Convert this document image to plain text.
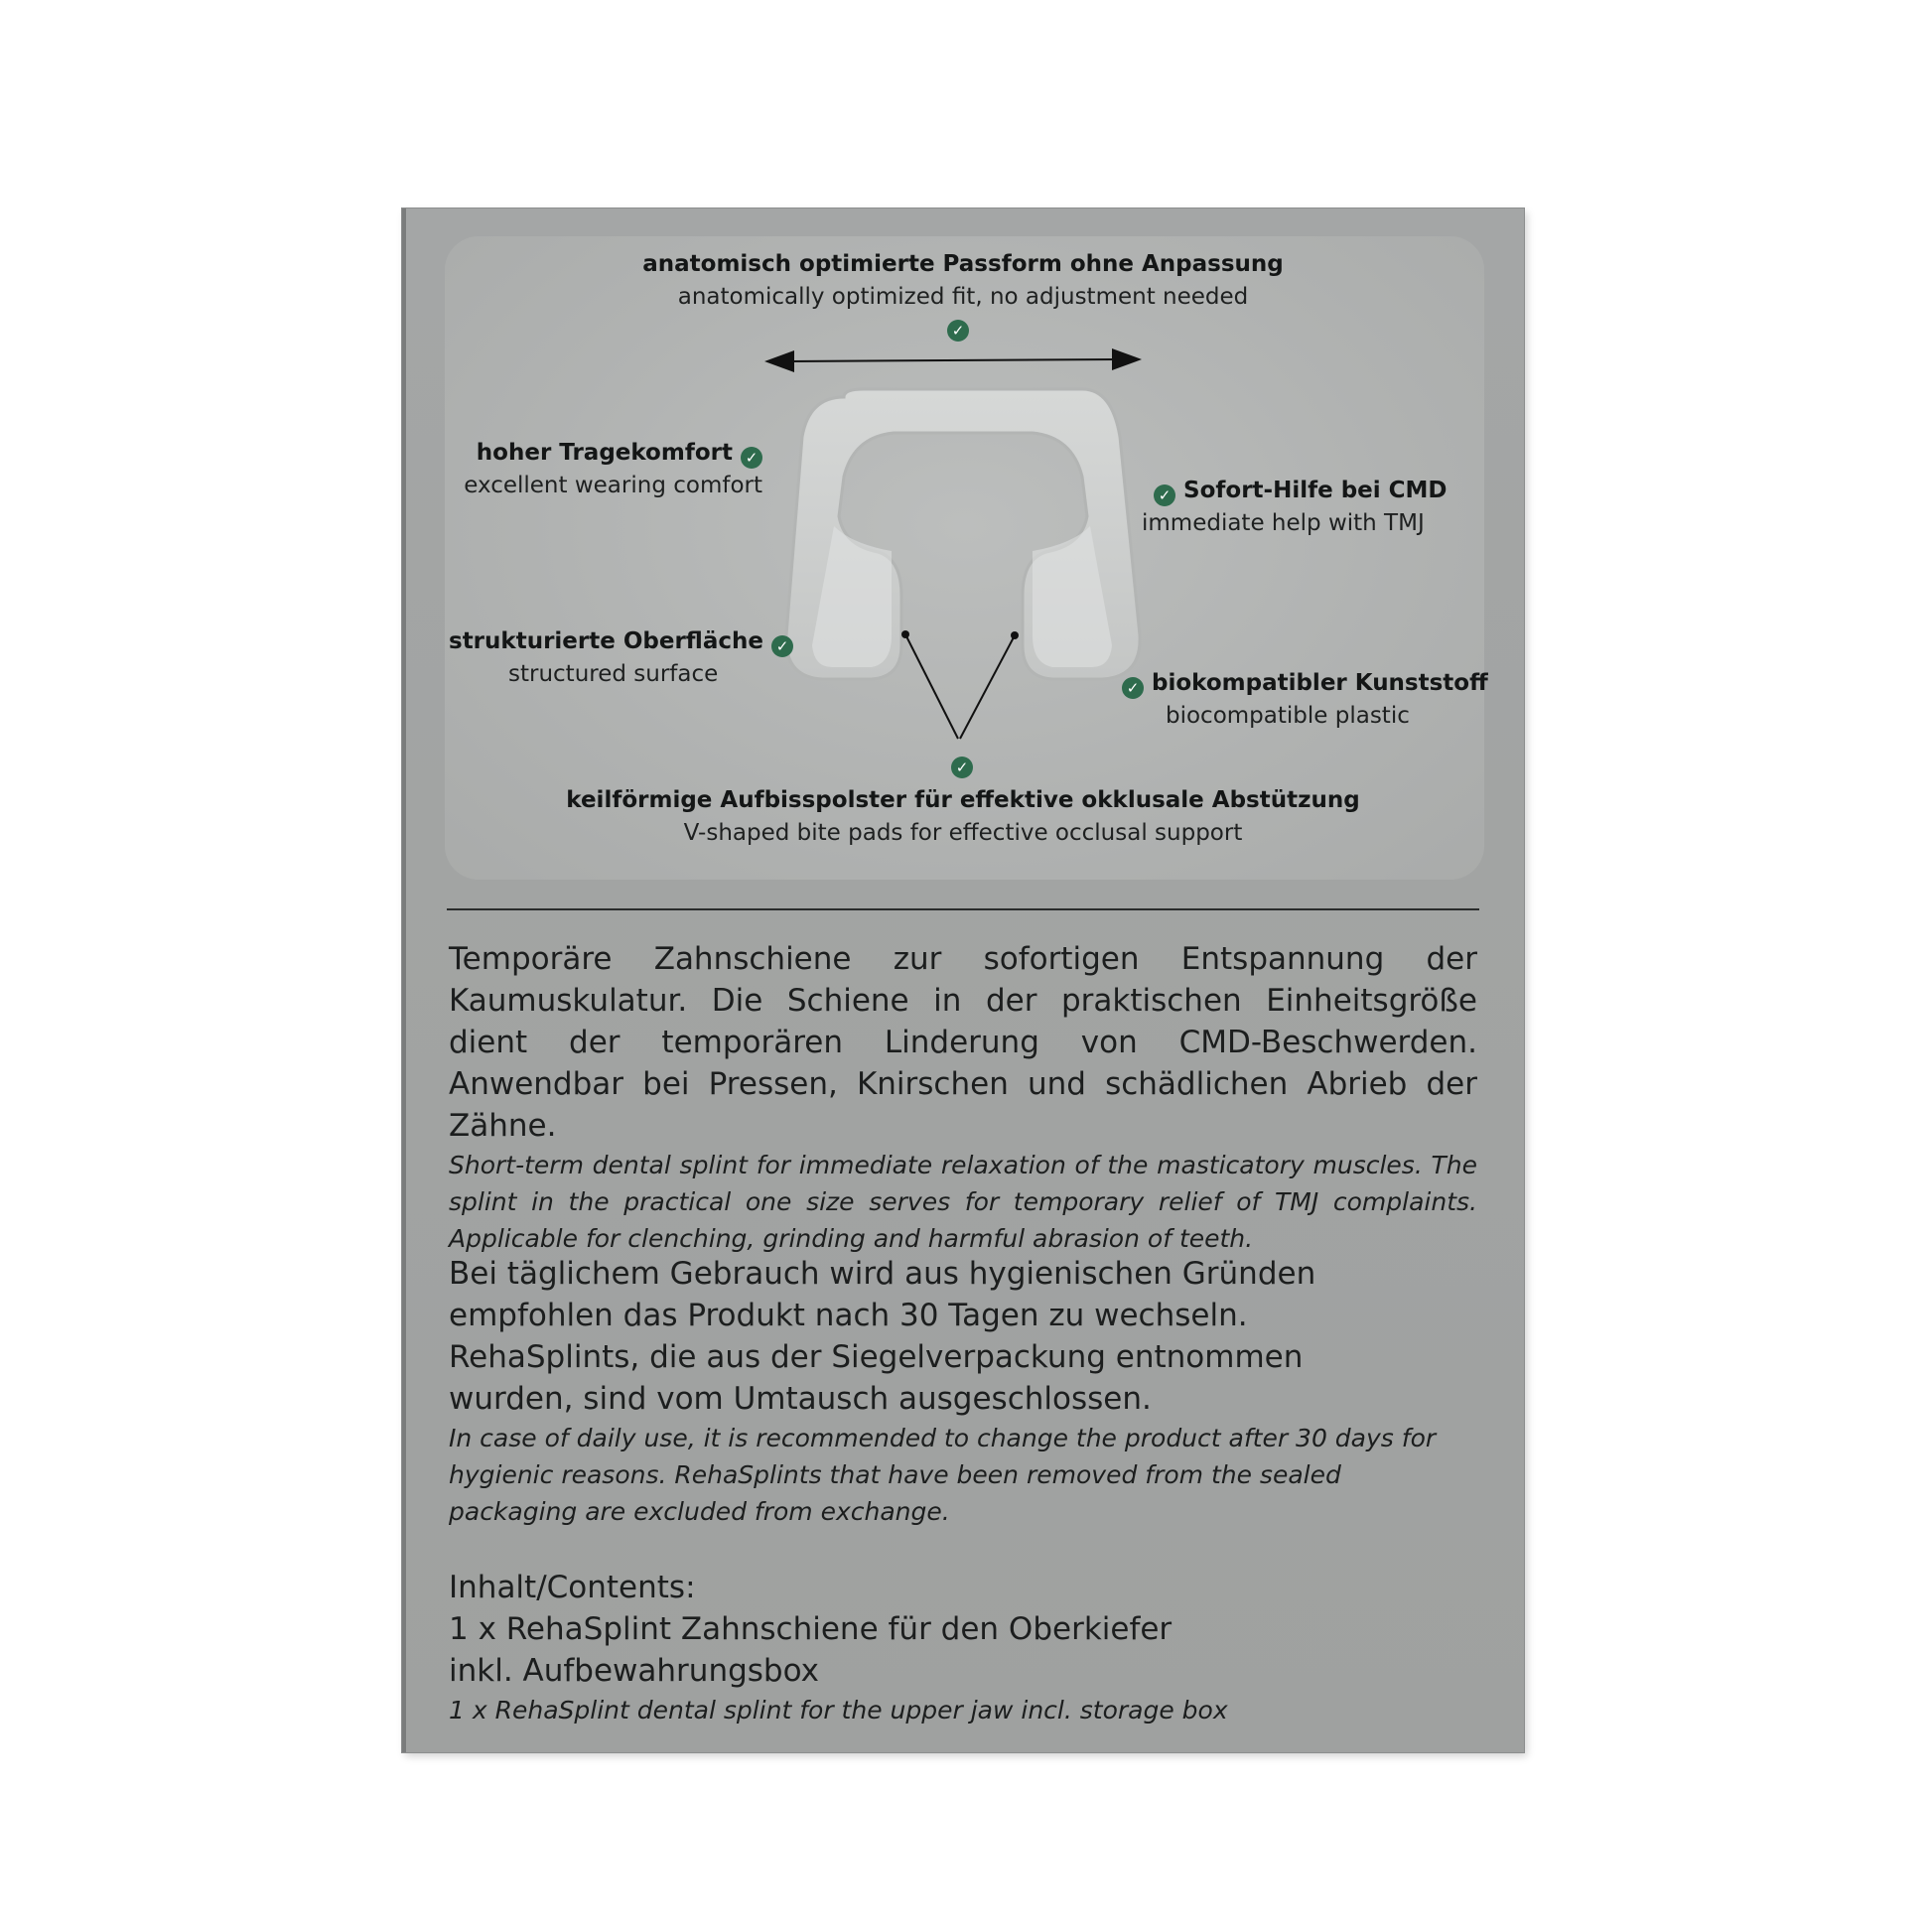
anatomisch optimierte Passform ohne Anpassung
anatomically optimized fit, no adjustment needed
✓
hoher Tragekomfort ✓
excellent wearing comfort
strukturierte Oberfläche ✓
structured surface
✓ Sofort-Hilfe bei CMD
immediate help with TMJ
✓ biokompatibler Kunststoff
biocompatible plastic
✓
keilförmige Aufbisspolster für effektive okklusale Abstützung
V-shaped bite pads for effective occlusal support
Temporäre Zahnschiene zur sofortigen Entspannung der Kaumuskulatur. Die Schiene in der praktischen Einheitsgröße dient der temporären Linderung von CMD-Beschwerden. Anwendbar bei Pressen, Knirschen und schädlichen Abrieb der Zähne.
Short-term dental splint for immediate relaxation of the masticatory muscles. The splint in the practical one size serves for temporary relief of TMJ complaints. Applicable for clenching, grinding and harmful abrasion of teeth.
Bei täglichem Gebrauch wird aus hygienischen Gründen empfohlen das Produkt nach 30 Tagen zu wechseln. RehaSplints, die aus der Siegelverpackung entnommen wurden, sind vom Umtausch ausgeschlossen.
In case of daily use, it is recommended to change the product after 30 days for hygienic reasons. RehaSplints that have been removed from the sealed packaging are excluded from exchange.
Inhalt/Contents:
1 x RehaSplint Zahnschiene für den Oberkiefer
inkl. Aufbewahrungsbox
1 x RehaSplint dental splint for the upper jaw incl. storage box
